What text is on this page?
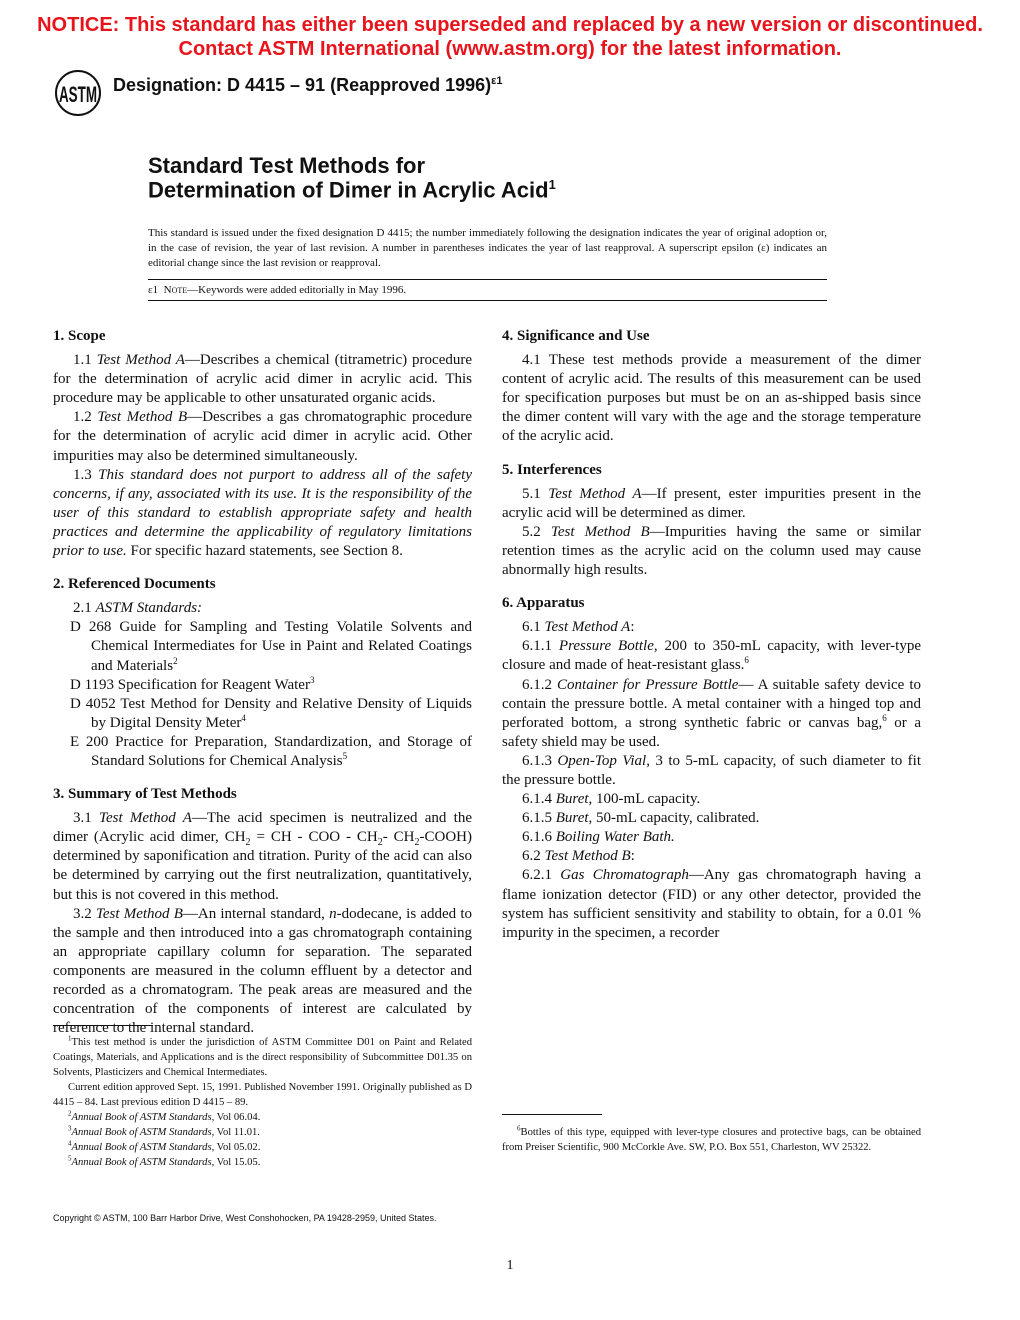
NOTICE: This standard has either been superseded and replaced by a new version or discontinued.
Contact ASTM International (www.astm.org) for the latest information.
ASTM Designation: D 4415 – 91 (Reapproved 1996)$^{\varepsilon 1}$
Standard Test Methods for
Determination of Dimer in Acrylic Acid$^1$
This standard is issued under the fixed designation D 4415; the number immediately following the designation indicates the year of original adoption or, in the case of revision, the year of last revision. A number in parentheses indicates the year of last reapproval. A superscript epsilon (ε) indicates an editorial change since the last revision or reapproval.
ε1 Note—Keywords were added editorially in May 1996.
1. Scope
1.1 Test Method A—Describes a chemical (titrametric) procedure for the determination of acrylic acid dimer in acrylic acid. This procedure may be applicable to other unsaturated organic acids.
1.2 Test Method B—Describes a gas chromatographic procedure for the determination of acrylic acid dimer in acrylic acid. Other impurities may also be determined simultaneously.
1.3 This standard does not purport to address all of the safety concerns, if any, associated with its use. It is the responsibility of the user of this standard to establish appropriate safety and health practices and determine the applicability of regulatory limitations prior to use. For specific hazard statements, see Section 8.
2. Referenced Documents
2.1 ASTM Standards:
D 268 Guide for Sampling and Testing Volatile Solvents and Chemical Intermediates for Use in Paint and Related Coatings and Materials$^2$
D 1193 Specification for Reagent Water$^3$
D 4052 Test Method for Density and Relative Density of Liquids by Digital Density Meter$^4$
E 200 Practice for Preparation, Standardization, and Storage of Standard Solutions for Chemical Analysis$^5$
3. Summary of Test Methods
3.1 Test Method A—The acid specimen is neutralized and the dimer (Acrylic acid dimer, $CH_2$ = CH - COO - $CH_2-$ $CH_2-COOH$) determined by saponification and titration. Purity of the acid can also be determined by carrying out the first neutralization, quantitatively, but this is not covered in this method.
3.2 Test Method B—An internal standard, n-dodecane, is added to the sample and then introduced into a gas chromatograph containing an appropriate capillary column for separation. The separated components are measured in the column effluent by a detector and recorded as a chromatogram. The peak areas are measured and the concentration of the components of interest are calculated by reference to the internal standard.
4. Significance and Use
4.1 These test methods provide a measurement of the dimer content of acrylic acid. The results of this measurement can be used for specification purposes but must be on an as-shipped basis since the dimer content will vary with the age and the storage temperature of the acrylic acid.
5. Interferences
5.1 Test Method A—If present, ester impurities present in the acrylic acid will be determined as dimer.
5.2 Test Method B—Impurities having the same or similar retention times as the acrylic acid on the column used may cause abnormally high results.
6. Apparatus
6.1 Test Method A:
6.1.1 Pressure Bottle, 200 to 350-mL capacity, with lever-type closure and made of heat-resistant glass.$^6$
6.1.2 Container for Pressure Bottle— A suitable safety device to contain the pressure bottle. A metal container with a hinged top and perforated bottom, a strong synthetic fabric or canvas bag,$^6$ or a safety shield may be used.
6.1.3 Open-Top Vial, 3 to 5-mL capacity, of such diameter to fit the pressure bottle.
6.1.4 Buret, 100-mL capacity.
6.1.5 Buret, 50-mL capacity, calibrated.
6.1.6 Boiling Water Bath.
6.2 Test Method B:
6.2.1 Gas Chromatograph—Any gas chromatograph having a flame ionization detector (FID) or any other detector, provided the system has sufficient sensitivity and stability to obtain, for a 0.01 % impurity in the specimen, a recorder

$^1$This test method is under the jurisdiction of ASTM Committee D01 on Paint and Related Coatings, Materials, and Applications and is the direct responsibility of Subcommittee D01.35 on Solvents, Plasticizers and Chemical Intermediates.

Current edition approved Sept. 15, 1991. Published November 1991. Originally published as D 4415 – 84. Last previous edition D 4415 – 89.

$^2$Annual Book of ASTM Standards, Vol 06.04.

$^3$Annual Book of ASTM Standards, Vol 11.01.

$^4$Annual Book of ASTM Standards, Vol 05.02.

$^5$Annual Book of ASTM Standards, Vol 15.05.

$^6$Bottles of this type, equipped with lever-type closures and protective bags, can be obtained from Preiser Scientific, 900 McCorkle Ave. SW, P.O. Box 551, Charleston, WV 25322.

Copyright © ASTM, 100 Barr Harbor Drive, West Conshohocken, PA 19428-2959, United States.
1
